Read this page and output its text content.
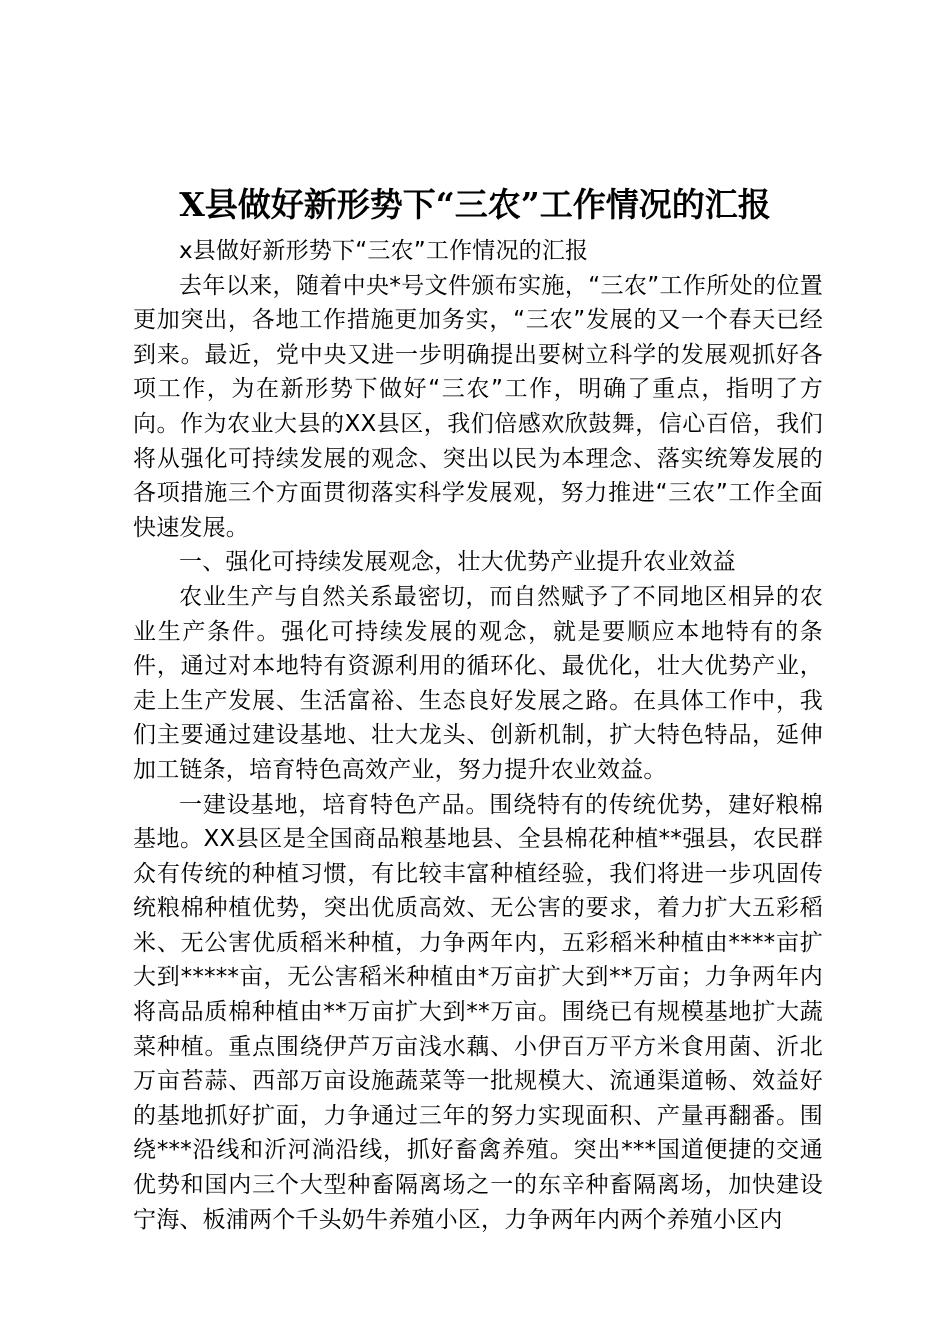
X县做好新形势下“三农”工作情况的汇报

x县做好新形势下“三农”工作情况的汇报

去年以来，随着中央*号文件颁布实施，“三农”工作所处的位置更加突出，各地工作措施更加务实，“三农”发展的又一个春天已经到来。最近，党中央又进一步明确提出要树立科学的发展观抓好各项工作，为在新形势下做好“三农”工作，明确了重点，指明了方向。作为农业大县的XX县区，我们倍感欢欣鼓舞，信心百倍，我们将从强化可持续发展的观念、突出以民为本理念、落实统筹发展的各项措施三个方面贯彻落实科学发展观，努力推进“三农”工作全面快速发展。

一、强化可持续发展观念，壮大优势产业提升农业效益

农业生产与自然关系最密切，而自然赋予了不同地区相异的农业生产条件。强化可持续发展的观念，就是要顺应本地特有的条件，通过对本地特有资源利用的循环化、最优化，壮大优势产业，走上生产发展、生活富裕、生态良好发展之路。在具体工作中，我们主要通过建设基地、壮大龙头、创新机制，扩大特色特品，延伸加工链条，培育特色高效产业，努力提升农业效益。

一建设基地，培育特色产品。围绕特有的传统优势，建好粮棉基地。XX县区是全国商品粮基地县、全县棉花种植**强县，农民群众有传统的种植习惯，有比较丰富种植经验，我们将进一步巩固传统粮棉种植优势，突出优质高效、无公害的要求，着力扩大五彩稻米、无公害优质稻米种植，力争两年内，五彩稻米种植由****亩扩大到*****亩，无公害稻米种植由*万亩扩大到**万亩；力争两年内将高品质棉种植由**万亩扩大到**万亩。围绕已有规模基地扩大蔬菜种植。重点围绕伊芦万亩浅水藕、小伊百万平方米食用菌、沂北万亩苔蒜、西部万亩设施蔬菜等一批规模大、流通渠道畅、效益好的基地抓好扩面，力争通过三年的努力实现面积、产量再翻番。围绕***沿线和沂河淌沿线，抓好畜禽养殖。突出***国道便捷的交通优势和国内三个大型种畜隔离场之一的东辛种畜隔离场，加快建设宁海、板浦两个千头奶牛养殖小区，力争两年内两个养殖小区内
